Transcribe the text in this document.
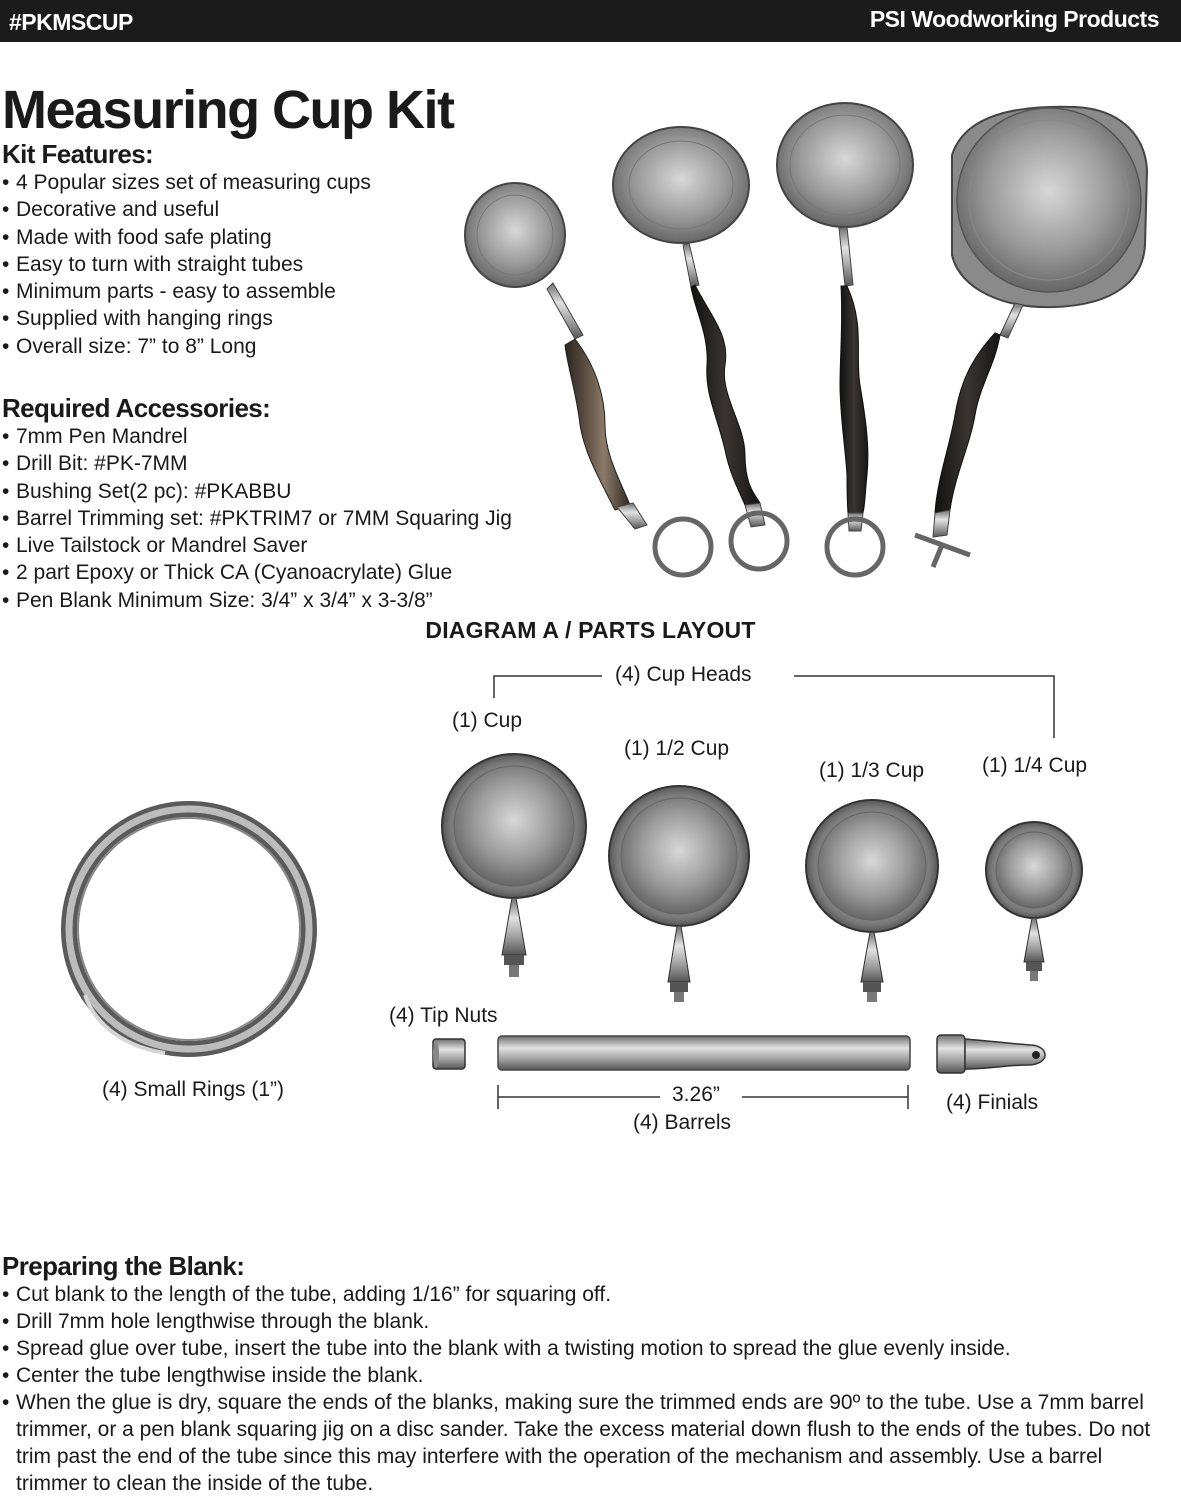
#PKMSCUP	PSI Woodworking Products
Measuring Cup Kit
Kit Features:
• 4 Popular sizes set of measuring cups
• Decorative and useful
• Made with food safe plating
• Easy to turn with straight tubes
• Minimum parts - easy to assemble
• Supplied with hanging rings
• Overall size: 7” to 8” Long
Required Accessories:
• 7mm Pen Mandrel
• Drill Bit: #PK-7MM
• Bushing Set(2 pc): #PKABBU
• Barrel Trimming set: #PKTRIM7 or 7MM Squaring Jig
• Live Tailstock or Mandrel Saver
• 2 part Epoxy or Thick CA (Cyanoacrylate) Glue
• Pen Blank Minimum Size: 3/4” x 3/4” x 3-3/8”
DIAGRAM A / PARTS LAYOUT
(4) Cup Heads
(1) Cup
(1) 1/2 Cup
(1) 1/3 Cup	(1) 1/4 Cup
(4) Small Rings (1”)
(4) Tip Nuts
3.26”
(4) Barrels
(4) Finials
Preparing the Blank:
• Cut blank to the length of the tube, adding 1/16” for squaring off.
• Drill 7mm hole lengthwise through the blank.
• Spread glue over tube, insert the tube into the blank with a twisting motion to spread the glue evenly inside.
• Center the tube lengthwise inside the blank.
• When the glue is dry, square the ends of the blanks, making sure the trimmed ends are 90º to the tube. Use a 7mm barrel trimmer, or a pen blank squaring jig on a disc sander. Take the excess material down flush to the ends of the tubes. Do not trim past the end of the tube since this may interfere with the operation of the mechanism and assembly. Use a barrel trimmer to clean the inside of the tube.
